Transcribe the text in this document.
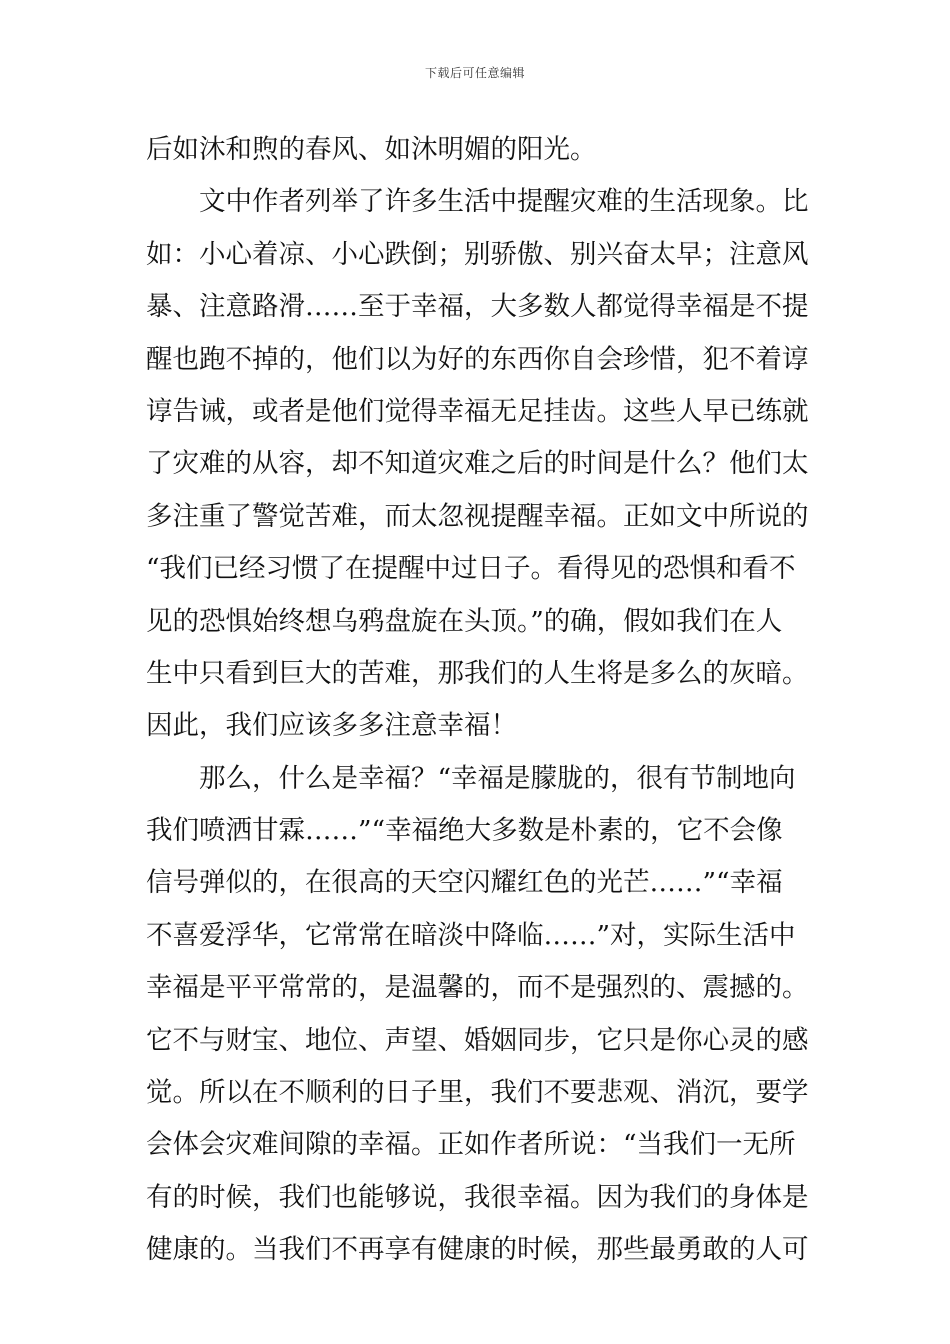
下载后可任意编辑
后如沐和煦的春风、如沐明媚的阳光。
文中作者列举了许多生活中提醒灾难的生活现象。比
如：小心着凉、小心跌倒；别骄傲、别兴奋太早；注意风
暴、注意路滑……至于幸福，大多数人都觉得幸福是不提
醒也跑不掉的，他们以为好的东西你自会珍惜，犯不着谆
谆告诫，或者是他们觉得幸福无足挂齿。这些人早已练就
了灾难的从容，却不知道灾难之后的时间是什么？他们太
多注重了警觉苦难，而太忽视提醒幸福。正如文中所说的
“我们已经习惯了在提醒中过日子。看得见的恐惧和看不
见的恐惧始终想乌鸦盘旋在头顶。”的确，假如我们在人
生中只看到巨大的苦难，那我们的人生将是多么的灰暗。
因此，我们应该多多注意幸福！
那么，什么是幸福？“幸福是朦胧的，很有节制地向
我们喷洒甘霖……”“幸福绝大多数是朴素的，它不会像
信号弹似的，在很高的天空闪耀红色的光芒……”“幸福
不喜爱浮华，它常常在暗淡中降临……”对，实际生活中
幸福是平平常常的，是温馨的，而不是强烈的、震撼的。
它不与财宝、地位、声望、婚姻同步，它只是你心灵的感
觉。所以在不顺利的日子里，我们不要悲观、消沉，要学
会体会灾难间隙的幸福。正如作者所说：“当我们一无所
有的时候，我们也能够说，我很幸福。因为我们的身体是
健康的。当我们不再享有健康的时候，那些最勇敢的人可
